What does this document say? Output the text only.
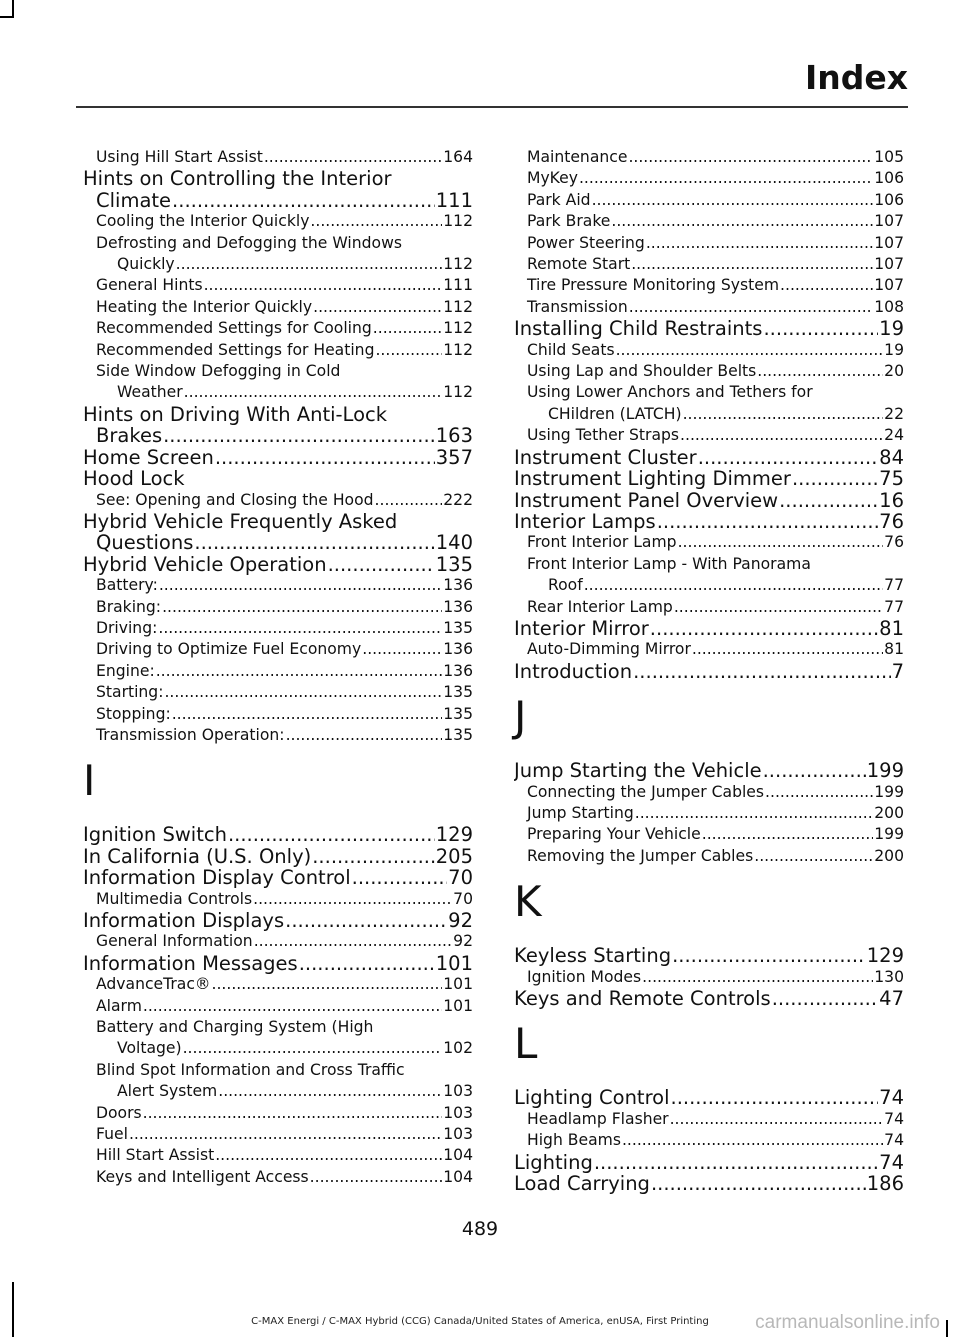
Index
Using Hill Start Assist .....	164
Hints on Controlling the Interior
Climate .....	111
Cooling the Interior Quickly .....	112
Defrosting and Defogging the Windows
Quickly .....	112
General Hints .....	111
Heating the Interior Quickly .....	112
Recommended Settings for Cooling .....	112
Recommended Settings for Heating .....	112
Side Window Defogging in Cold
Weather .....	112
Hints on Driving With Anti-Lock
Brakes .....	163
Home Screen .....	357
Hood Lock
See: Opening and Closing the Hood .....	222
Hybrid Vehicle Frequently Asked
Questions .....	140
Hybrid Vehicle Operation .....	135
Battery: .....	136
Braking: .....	136
Driving: .....	135
Driving to Optimize Fuel Economy .....	136
Engine: .....	136
Starting: .....	135
Stopping: .....	135
Transmission Operation: .....	135
I
Ignition Switch .....	129
In California (U.S. Only) .....	205
Information Display Control .....	70
Multimedia Controls .....	70
Information Displays .....	92
General Information .....	92
Information Messages .....	101
AdvanceTrac® .....	101
Alarm .....	101
Battery and Charging System (High
Voltage) .....	102
Blind Spot Information and Cross Traffic
Alert System .....	103
Doors .....	103
Fuel .....	103
Hill Start Assist .....	104
Keys and Intelligent Access .....	104
Maintenance .....	105
MyKey .....	106
Park Aid .....	106
Park Brake .....	107
Power Steering .....	107
Remote Start .....	107
Tire Pressure Monitoring System .....	107
Transmission .....	108
Installing Child Restraints .....	19
Child Seats .....	19
Using Lap and Shoulder Belts .....	20
Using Lower Anchors and Tethers for
CHildren (LATCH) .....	22
Using Tether Straps .....	24
Instrument Cluster .....	84
Instrument Lighting Dimmer .....	75
Instrument Panel Overview .....	16
Interior Lamps .....	76
Front Interior Lamp .....	76
Front Interior Lamp - With Panorama
Roof .....	77
Rear Interior Lamp .....	77
Interior Mirror .....	81
Auto-Dimming Mirror .....	81
Introduction .....	7
J
Jump Starting the Vehicle .....	199
Connecting the Jumper Cables .....	199
Jump Starting .....	200
Preparing Your Vehicle .....	199
Removing the Jumper Cables .....	200
K
Keyless Starting .....	129
Ignition Modes .....	130
Keys and Remote Controls .....	47
L
Lighting Control .....	74
Headlamp Flasher .....	74
High Beams .....	74
Lighting .....	74
Load Carrying .....	186
489
C-MAX Energi / C-MAX Hybrid (CCG) Canada/United States of America, enUSA, First Printing	carmanualsonline.info
